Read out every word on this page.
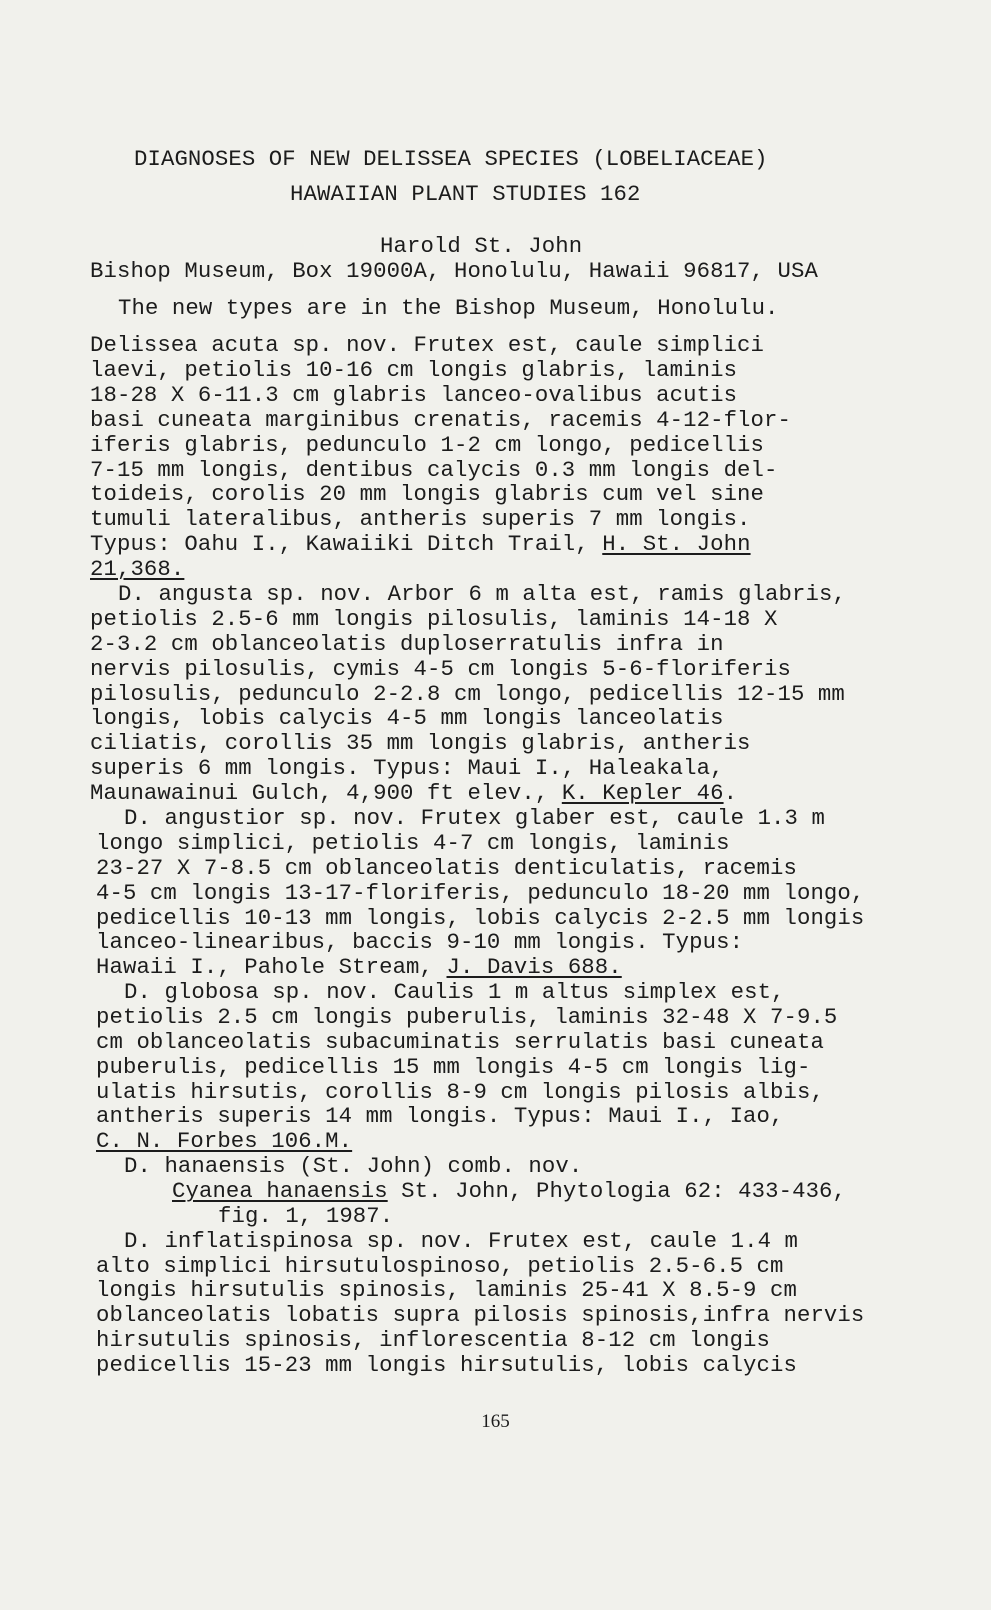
DIAGNOSES OF NEW DELISSEA SPECIES (LOBELIACEAE)
HAWAIIAN PLANT STUDIES 162
Harold St. John
Bishop Museum, Box 19000A, Honolulu, Hawaii 96817, USA
The new types are in the Bishop Museum, Honolulu.
Delissea acuta sp. nov. Frutex est, caule simplici
laevi, petiolis 10-16 cm longis glabris, laminis
18-28 X 6-11.3 cm glabris lanceo-ovalibus acutis
basi cuneata marginibus crenatis, racemis 4-12-flor-
iferis glabris, pedunculo 1-2 cm longo, pedicellis
7-15 mm longis, dentibus calycis 0.3 mm longis del-
toideis, corolis 20 mm longis glabris cum vel sine
tumuli lateralibus, antheris superis 7 mm longis.
Typus: Oahu I., Kawaiiki Ditch Trail, H. St. John
21,368.
D. angusta sp. nov. Arbor 6 m alta est, ramis glabris,
petiolis 2.5-6 mm longis pilosulis, laminis 14-18 X
2-3.2 cm oblanceolatis duploserratulis infra in
nervis pilosulis, cymis 4-5 cm longis 5-6-floriferis
pilosulis, pedunculo 2-2.8 cm longo, pedicellis 12-15 mm
longis, lobis calycis 4-5 mm longis lanceolatis
ciliatis, corollis 35 mm longis glabris, antheris
superis 6 mm longis. Typus: Maui I., Haleakala,
Maunawainui Gulch, 4,900 ft elev., K. Kepler 46.
D. angustior sp. nov. Frutex glaber est, caule 1.3 m
longo simplici, petiolis 4-7 cm longis, laminis
23-27 X 7-8.5 cm oblanceolatis denticulatis, racemis
4-5 cm longis 13-17-floriferis, pedunculo 18-20 mm longo,
pedicellis 10-13 mm longis, lobis calycis 2-2.5 mm longis
lanceo-linearibus, baccis 9-10 mm longis. Typus:
Hawaii I., Pahole Stream, J. Davis 688.
D. globosa sp. nov. Caulis 1 m altus simplex est,
petiolis 2.5 cm longis puberulis, laminis 32-48 X 7-9.5
cm oblanceolatis subacuminatis serrulatis basi cuneata
puberulis, pedicellis 15 mm longis 4-5 cm longis lig-
ulatis hirsutis, corollis 8-9 cm longis pilosis albis,
antheris superis 14 mm longis. Typus: Maui I., Iao,
C. N. Forbes 106.M.
D. hanaensis (St. John) comb. nov.
Cyanea hanaensis St. John, Phytologia 62: 433-436,
fig. 1, 1987.
D. inflatispinosa sp. nov. Frutex est, caule 1.4 m
alto simplici hirsutulospinoso, petiolis 2.5-6.5 cm
longis hirsutulis spinosis, laminis 25-41 X 8.5-9 cm
oblanceolatis lobatis supra pilosis spinosis,infra nervis
hirsutulis spinosis, inflorescentia 8-12 cm longis
pedicellis 15-23 mm longis hirsutulis, lobis calycis
165
